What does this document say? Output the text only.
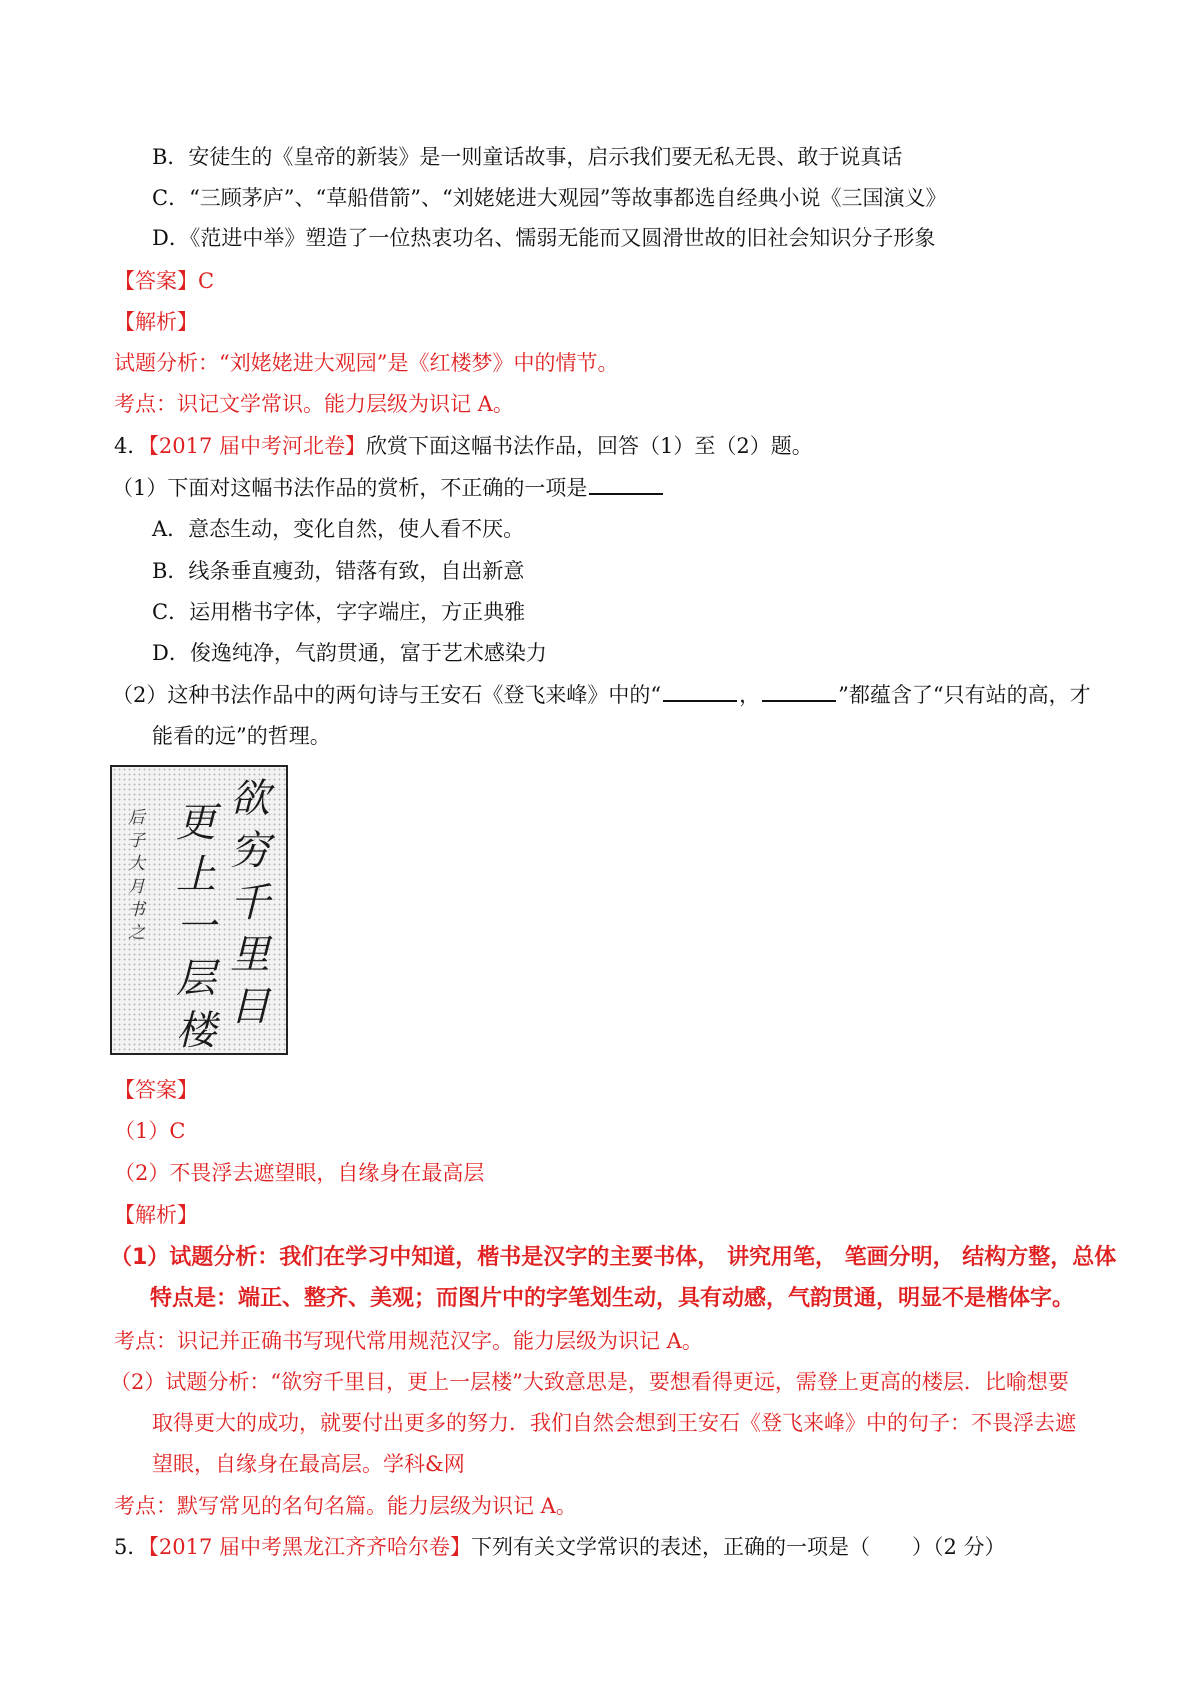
B．安徒生的《皇帝的新装》是一则童话故事，启示我们要无私无畏、敢于说真话
C．“三顾茅庐”、“草船借箭”、“刘姥姥进大观园”等故事都选自经典小说《三国演义》
D．《范进中举》塑造了一位热衷功名、懦弱无能而又圆滑世故的旧社会知识分子形象
【答案】C
【解析】
试题分析：“刘姥姥进大观园”是《红楼梦》中的情节。
考点：识记文学常识。能力层级为识记 A。
4．【2017 届中考河北卷】欣赏下面这幅书法作品，回答（1）至（2）题。
（1）下面对这幅书法作品的赏析，不正确的一项是
A．意态生动，变化自然，使人看不厌。
B．线条垂直瘦劲，错落有致，自出新意
C．运用楷书字体，字字端庄，方正典雅
D．俊逸纯净，气韵贯通，富于艺术感染力
（2）这种书法作品中的两句诗与王安石《登飞来峰》中的“	，	”都蕴含了“只有站的高，才
能看的远”的哲理。
欲
穷
千
里
目
更
上
一
层
楼
后
子
大
月
书
之
【答案】
（1）C
（2）不畏浮去遮望眼，自缘身在最高层
【解析】
（1）试题分析：我们在学习中知道，楷书是汉字的主要书体， 讲究用笔， 笔画分明， 结构方整，总体
特点是：端正、整齐、美观；而图片中的字笔划生动，具有动感，气韵贯通，明显不是楷体字。
考点：识记并正确书写现代常用规范汉字。能力层级为识记 A。
（2）试题分析：“欲穷千里目，更上一层楼”大致意思是，要想看得更远，需登上更高的楼层．比喻想要
取得更大的成功，就要付出更多的努力．我们自然会想到王安石《登飞来峰》中的句子：不畏浮去遮
望眼，自缘身在最高层。学科&网
考点：默写常见的名句名篇。能力层级为识记 A。
5．【2017 届中考黑龙江齐齐哈尔卷】下列有关文学常识的表述，正确的一项是（　　）（2 分）
